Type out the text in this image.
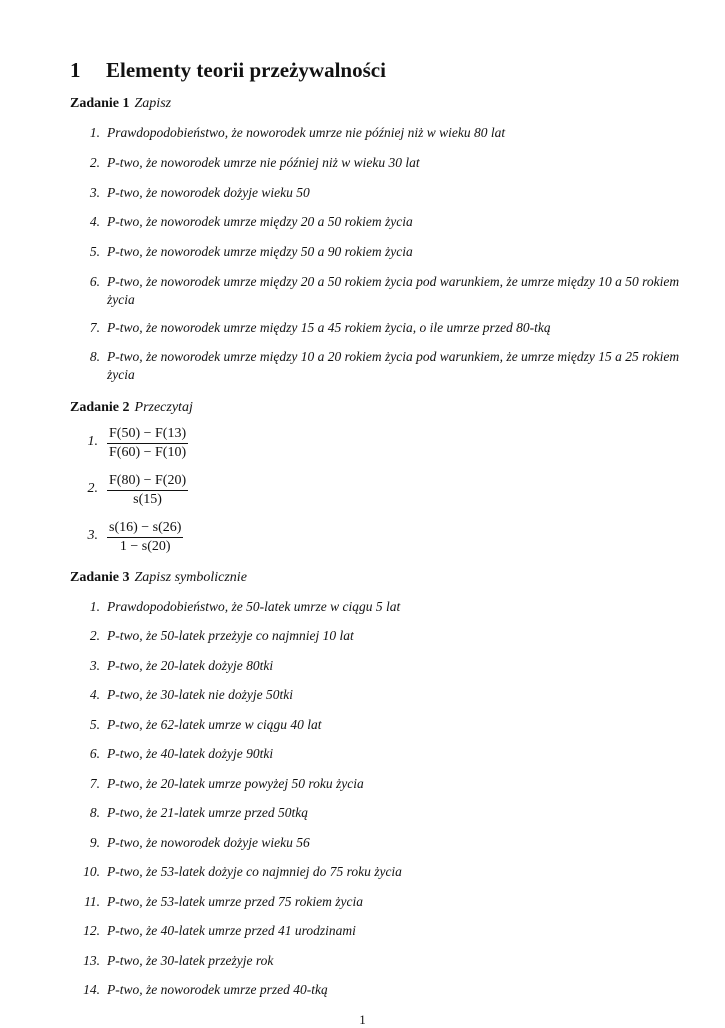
1 Elementy teorii przeżywalności
Zadanie 1 Zapisz
1. Prawdopodobieństwo, że noworodek umrze nie później niż w wieku 80 lat
2. P-two, że noworodek umrze nie później niż w wieku 30 lat
3. P-two, że noworodek dożyje wieku 50
4. P-two, że noworodek umrze między 20 a 50 rokiem życia
5. P-two, że noworodek umrze między 50 a 90 rokiem życia
6. P-two, że noworodek umrze między 20 a 50 rokiem życia pod warunkiem, że umrze między 10 a 50 rokiem życia
7. P-two, że noworodek umrze między 15 a 45 rokiem życia, o ile umrze przed 80-tką
8. P-two, że noworodek umrze między 10 a 20 rokiem życia pod warunkiem, że umrze między 15 a 25 rokiem życia
Zadanie 2 Przeczytaj
1. $\frac{F(50) - F(13)}{F(60) - F(10)}$
2. $\frac{F(80) - F(20)}{s(15)}$
3. $\frac{s(16) - s(26)}{1 - s(20)}$
Zadanie 3 Zapisz symbolicznie
1. Prawdopodobieństwo, że 50-latek umrze w ciągu 5 lat
2. P-two, że 50-latek przeżyje co najmniej 10 lat
3. P-two, że 20-latek dożyje 80tki
4. P-two, że 30-latek nie dożyje 50tki
5. P-two, że 62-latek umrze w ciągu 40 lat
6. P-two, że 40-latek dożyje 90tki
7. P-two, że 20-latek umrze powyżej 50 roku życia
8. P-two, że 21-latek umrze przed 50tką
9. P-two, że noworodek dożyje wieku 56
10. P-two, że 53-latek dożyje co najmniej do 75 roku życia
11. P-two, że 53-latek umrze przed 75 rokiem życia
12. P-two, że 40-latek umrze przed 41 urodzinami
13. P-two, że 30-latek przeżyje rok
14. P-two, że noworodek umrze przed 40-tką
1
